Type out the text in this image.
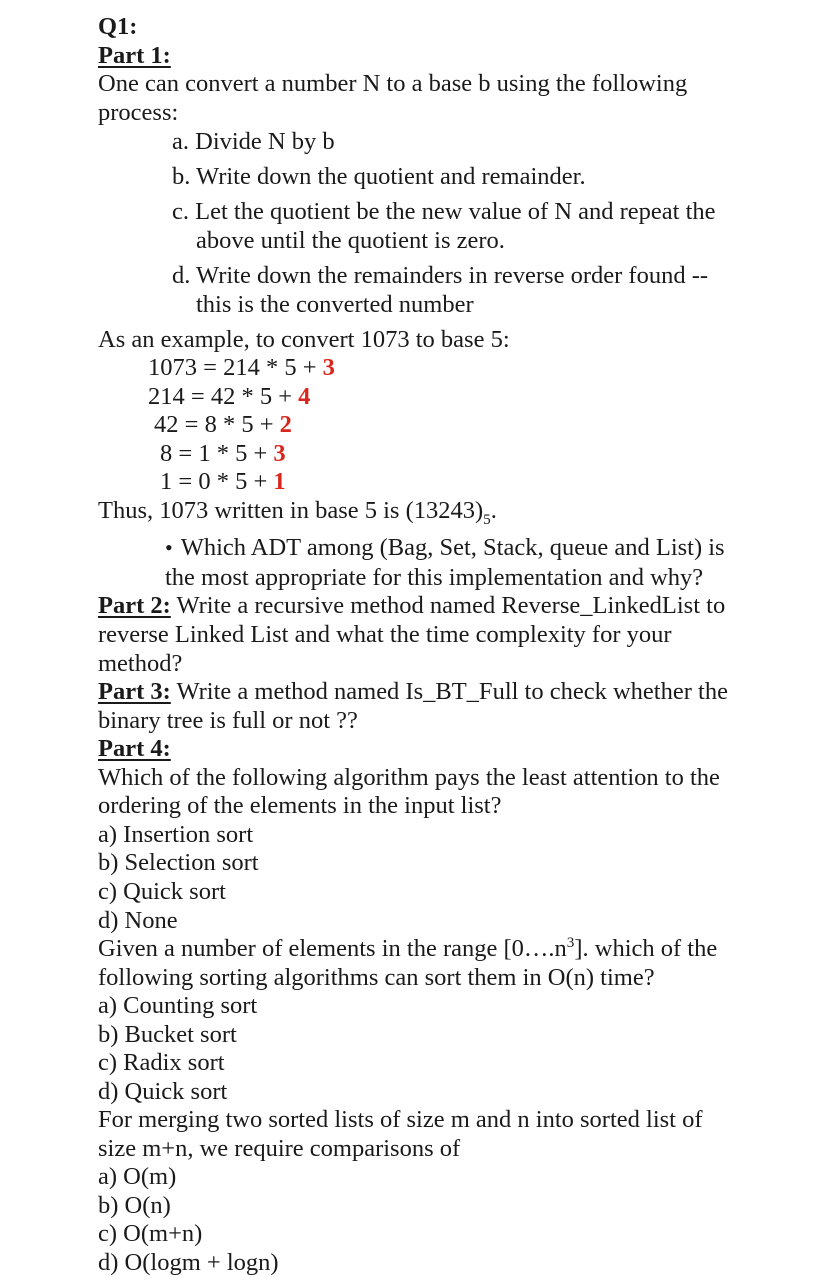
Q1:
Part 1:
One can convert a number N to a base b using the following
process:
a. Divide N by b
b. Write down the quotient and remainder.
c. Let the quotient be the new value of N and repeat the
above until the quotient is zero.
d. Write down the remainders in reverse order found --
this is the converted number
As an example, to convert 1073 to base 5:
1073 = 214 * 5 + 3
214 = 42 * 5 + 4
42 = 8 * 5 + 2
8 = 1 * 5 + 3
1 = 0 * 5 + 1
Thus, 1073 written in base 5 is $(13243)_5$.
• Which ADT among (Bag, Set, Stack, queue and List) is
the most appropriate for this implementation and why?
Part 2: Write a recursive method named Reverse_LinkedList to
reverse Linked List and what the time complexity for your
method?
Part 3: Write a method named Is_BT_Full to check whether the
binary tree is full or not ??
Part 4:
Which of the following algorithm pays the least attention to the
ordering of the elements in the input list?
a) Insertion sort
b) Selection sort
c) Quick sort
d) None
Given a number of elements in the range $[0\dots.n^3]$. which of the
following sorting algorithms can sort them in O(n) time?
a) Counting sort
b) Bucket sort
c) Radix sort
d) Quick sort
For merging two sorted lists of size m and n into sorted list of
size m+n, we require comparisons of
a) O(m)
b) O(n)
c) O(m+n)
d) O(logm + logn)
